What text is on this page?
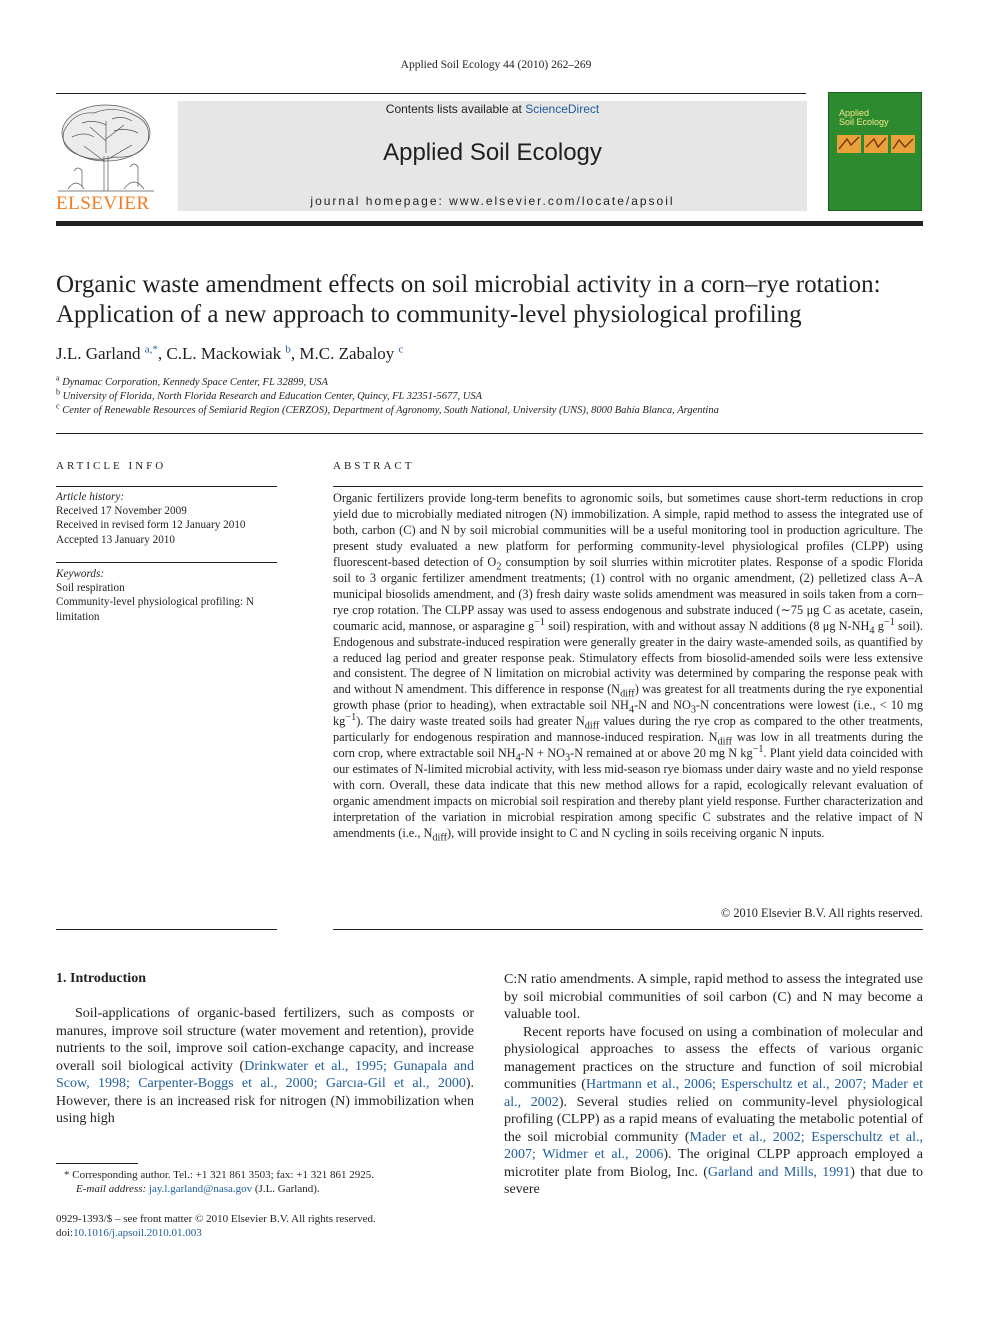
Applied Soil Ecology 44 (2010) 262–269
ELSEVIER
Contents lists available at ScienceDirect
Applied Soil Ecology
journal homepage: www.elsevier.com/locate/apsoil
Applied
Soil Ecology
Organic waste amendment effects on soil microbial activity in a corn–rye rotation:
Application of a new approach to community-level physiological profiling
J.L. Garland $^{a,*}$, C.L. Mackowiak $^b$, M.C. Zabaloy $^c$
$^a$ Dynamac Corporation, Kennedy Space Center, FL 32899, USA
$^b$ University of Florida, North Florida Research and Education Center, Quincy, FL 32351-5677, USA
$^c$ Center of Renewable Resources of Semiarid Region (CERZOS), Department of Agronomy, South National, University (UNS), 8000 Bahía Blanca, Argentina
ARTICLE INFO
Article history:
Received 17 November 2009
Received in revised form 12 January 2010
Accepted 13 January 2010
Keywords:
Soil respiration
Community-level physiological profiling: N
limitation
ABSTRACT
Organic fertilizers provide long-term benefits to agronomic soils, but sometimes cause short-term reductions in crop yield due to microbially mediated nitrogen (N) immobilization. A simple, rapid method to assess the integrated use of both, carbon (C) and N by soil microbial communities will be a useful monitoring tool in production agriculture. The present study evaluated a new platform for performing community-level physiological profiles (CLPP) using fluorescent-based detection of $O_2$ consumption by soil slurries within microtiter plates. Response of a spodic Florida soil to 3 organic fertilizer amendment treatments; (1) control with no organic amendment, (2) pelletized class A–A municipal biosolids amendment, and (3) fresh dairy waste solids amendment was measured in soils taken from a corn–rye crop rotation. The CLPP assay was used to assess endogenous and substrate induced (∼75 μg C as acetate, casein, coumaric acid, mannose, or asparagine $g^{-1}$ soil) respiration, with and without assay N additions (8 μg $N-NH_4$ $g^{-1}$ soil). Endogenous and substrate-induced respiration were generally greater in the dairy waste-amended soils, as quantified by a reduced lag period and greater response peak. Stimulatory effects from biosolid-amended soils were less extensive and consistent. The degree of N limitation on microbial activity was determined by comparing the response peak with and without N amendment. This difference in response $(N_{diff})$ was greatest for all treatments during the rye exponential growth phase (prior to heading), when extractable soil $NH_4-N$ and $NO_3-N$ concentrations were lowest (i.e., < 10 mg $kg^{-1}$). The dairy waste treated soils had greater $N_{diff}$ values during the rye crop as compared to the other treatments, particularly for endogenous respiration and mannose-induced respiration. $N_{diff}$ was low in all treatments during the corn crop, where extractable soil $NH_4-N + NO_3-N$ remained at or above 20 mg N $kg^{-1}$. Plant yield data coincided with our estimates of N-limited microbial activity, with less mid-season rye biomass under dairy waste and no yield response with corn. Overall, these data indicate that this new method allows for a rapid, ecologically relevant evaluation of organic amendment impacts on microbial soil respiration and thereby plant yield response. Further characterization and interpretation of the variation in microbial respiration among specific C substrates and the relative impact of N amendments (i.e., $N_{diff}$), will provide insight to C and N cycling in soils receiving organic N inputs.
© 2010 Elsevier B.V. All rights reserved.
1. Introduction

Soil-applications of organic-based fertilizers, such as composts or manures, improve soil structure (water movement and retention), provide nutrients to the soil, improve soil cation-exchange capacity, and increase overall soil biological activity (Drinkwater et al., 1995; Gunapala and Scow, 1998; Carpenter-Boggs et al., 2000; Garcıa-Gil et al., 2000). However, there is an increased risk for nitrogen (N) immobilization when using high

C:N ratio amendments. A simple, rapid method to assess the integrated use by soil microbial communities of soil carbon (C) and N may become a valuable tool.

Recent reports have focused on using a combination of molecular and physiological approaches to assess the effects of various organic management practices on the structure and function of soil microbial communities (Hartmann et al., 2006; Esperschultz et al., 2007; Mader et al., 2002). Several studies relied on community-level physiological profiling (CLPP) as a rapid means of evaluating the metabolic potential of the soil microbial community (Mader et al., 2002; Esperschultz et al., 2007; Widmer et al., 2006). The original CLPP approach employed a microtiter plate from Biolog, Inc. (Garland and Mills, 1991) that due to severe

* Corresponding author. Tel.: +1 321 861 3503; fax: +1 321 861 2925.
E-mail address: jay.l.garland@nasa.gov (J.L. Garland).
0929-1393/$ – see front matter © 2010 Elsevier B.V. All rights reserved.
doi:10.1016/j.apsoil.2010.01.003
